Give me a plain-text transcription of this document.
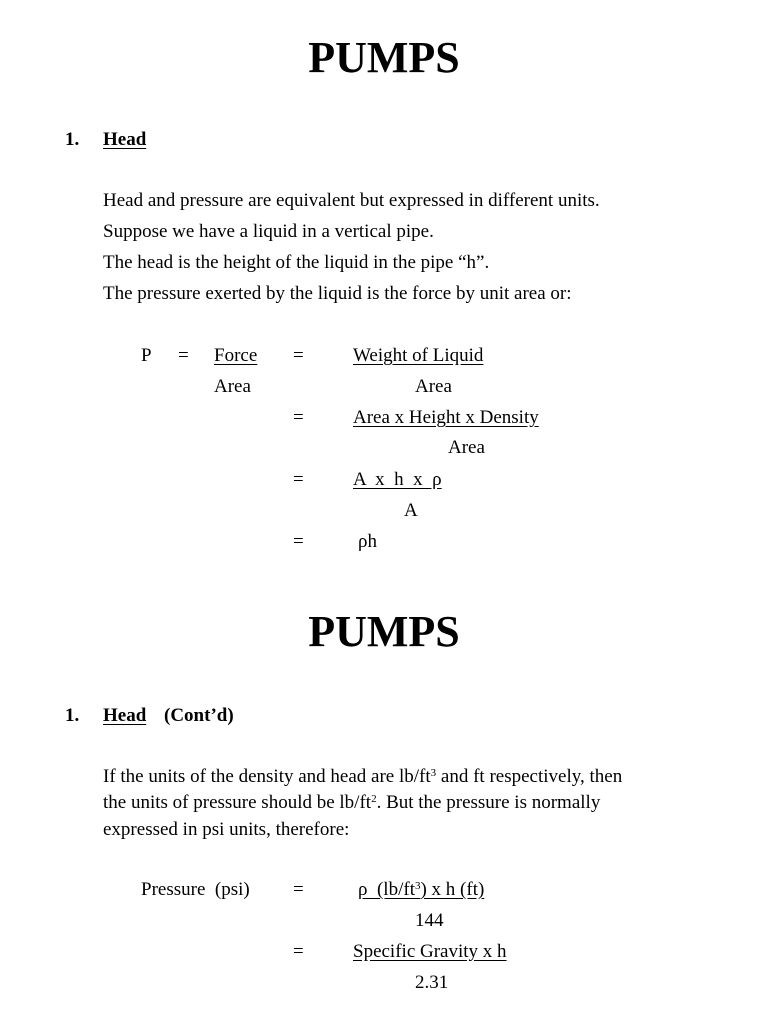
PUMPS
1. Head
Head and pressure are equivalent but expressed in different units.
Suppose we have a liquid in a vertical pipe.
The head is the height of the liquid in the pipe “h”.
The pressure exerted by the liquid is the force by unit area or:
P = Force
Area
=	Weight of Liquid
Area
=	Area x Height x Density
Area
=	A  x  h  x  ρ
A
=	ρh
PUMPS
1. Head (Cont’d)
If the units of the density and head are $lb/ft^3$ and ft respectively, then
the units of pressure should be $lb/ft^2$. But the pressure is normally
expressed in psi units, therefore:
Pressure  (psi) =	ρ  $(lb/ft^3)$ x h (ft)
144
=	Specific Gravity x h
2.31
